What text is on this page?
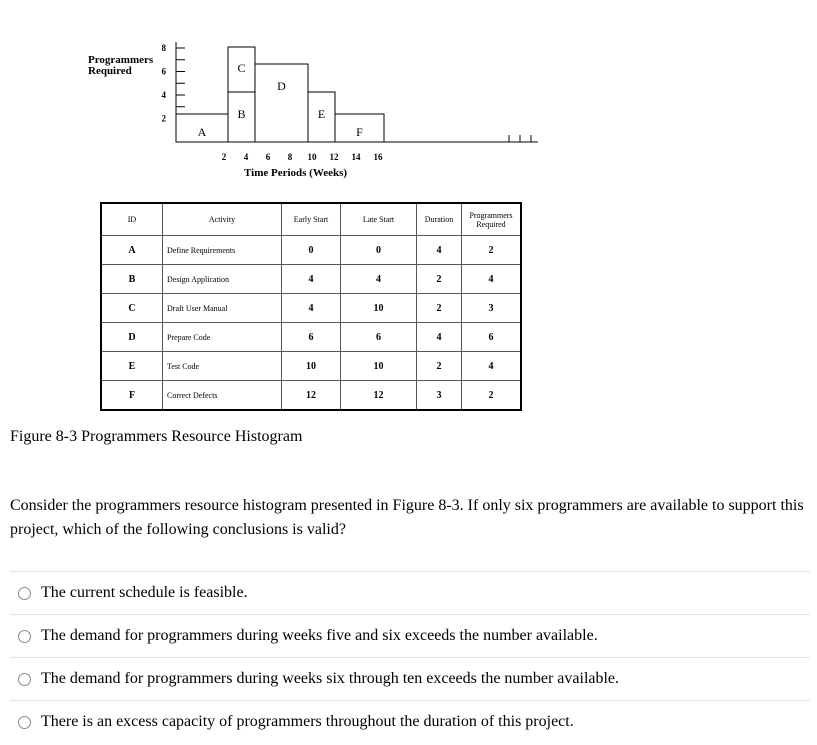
8
6
4
2
2 4 6 8 10 12 14 16
A
B
C
D
E
F
Programmers Required
Time Periods (Weeks)
ID	Activity	Early Start	Late Start	Duration	Programmers Required
A	Define Requirements	0	0	4	2
B	Design Application	4	4	2	4
C	Draft User Manual	4	10	2	3
D	Prepare Code	6	6	4	6
E	Test Code	10	10	2	4
F	Correct Defects	12	12	3	2
Figure 8-3 Programmers Resource Histogram
Consider the programmers resource histogram presented in Figure 8-3. If only six programmers are available to support this project, which of the following conclusions is valid?
The current schedule is feasible.
The demand for programmers during weeks five and six exceeds the number available.
The demand for programmers during weeks six through ten exceeds the number available.
There is an excess capacity of programmers throughout the duration of this project.
